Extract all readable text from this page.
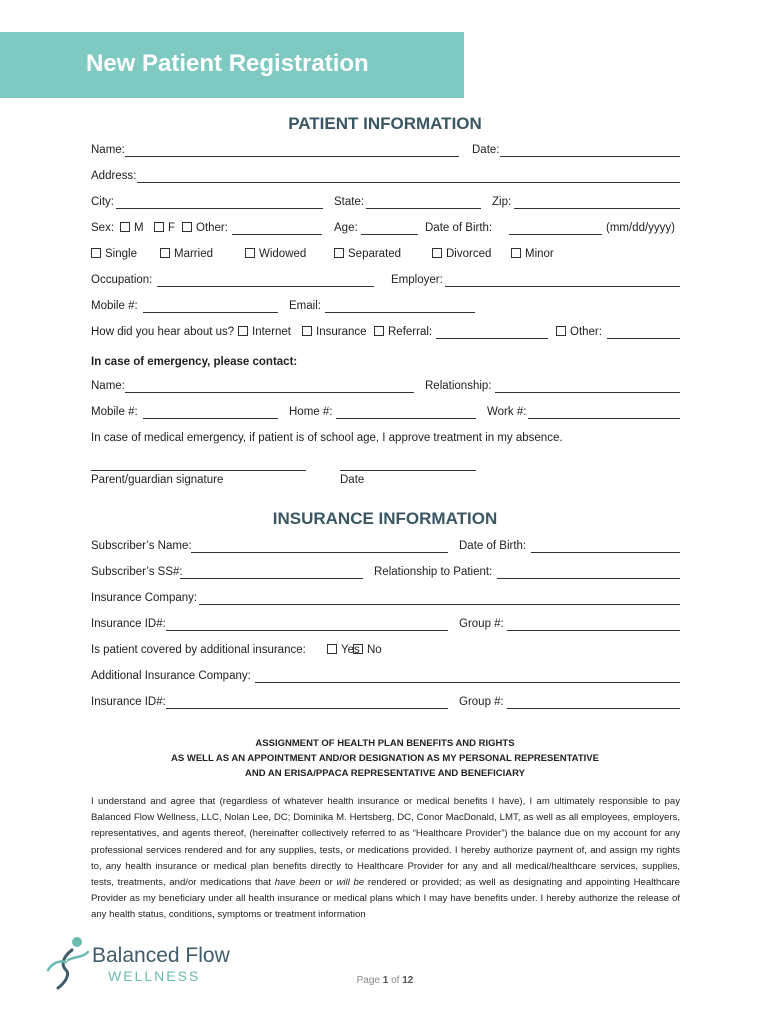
New Patient Registration
PATIENT INFORMATION
Name:	Date:
Address:
City:	State:	Zip:
Sex:	M	F	Other:	Age:	Date of Birth:	(mm/dd/yyyy)
Single	Married	Widowed	Separated	Divorced	Minor
Occupation:	Employer:
Mobile #:	Email:
How did you hear about us?	Internet	Insurance	Referral:	Other:
In case of emergency, please contact:
Name:	Relationship:
Mobile #:	Home #:	Work #:
In case of medical emergency, if patient is of school age, I approve treatment in my absence.
Parent/guardian signature	Date
INSURANCE INFORMATION
Subscriber’s Name:	Date of Birth:
Subscriber’s SS#:	Relationship to Patient:
Insurance Company:
Insurance ID#:	Group #:
Is patient covered by additional insurance:	Yes No
Additional Insurance Company:
Insurance ID#:	Group #:
ASSIGNMENT OF HEALTH PLAN BENEFITS AND RIGHTS
AS WELL AS AN APPOINTMENT AND/OR DESIGNATION AS MY PERSONAL REPRESENTATIVE
AND AN ERISA/PPACA REPRESENTATIVE AND BENEFICIARY

I understand and agree that (regardless of whatever health insurance or medical benefits I have), I am ultimately responsible to pay Balanced Flow Wellness, LLC, Nolan Lee, DC; Dominika M. Hertsberg, DC, Conor MacDonald, LMT, as well as all employees, employers, representatives, and agents thereof, (hereinafter collectively referred to as “Healthcare Provider”) the balance due on my account for any professional services rendered and for any supplies, tests, or medications provided. I hereby authorize payment of, and assign my rights to, any health insurance or medical plan benefits directly to Healthcare Provider for any and all medical/healthcare services, supplies, tests, treatments, and/or medications that have been or will be rendered or provided; as well as designating and appointing Healthcare Provider as my beneficiary under all health insurance or medical plans which I may have benefits under. I hereby authorize the release of any health status, conditions, symptoms or treatment information

Balanced Flow
WELLNESS	Page 1 of 12
